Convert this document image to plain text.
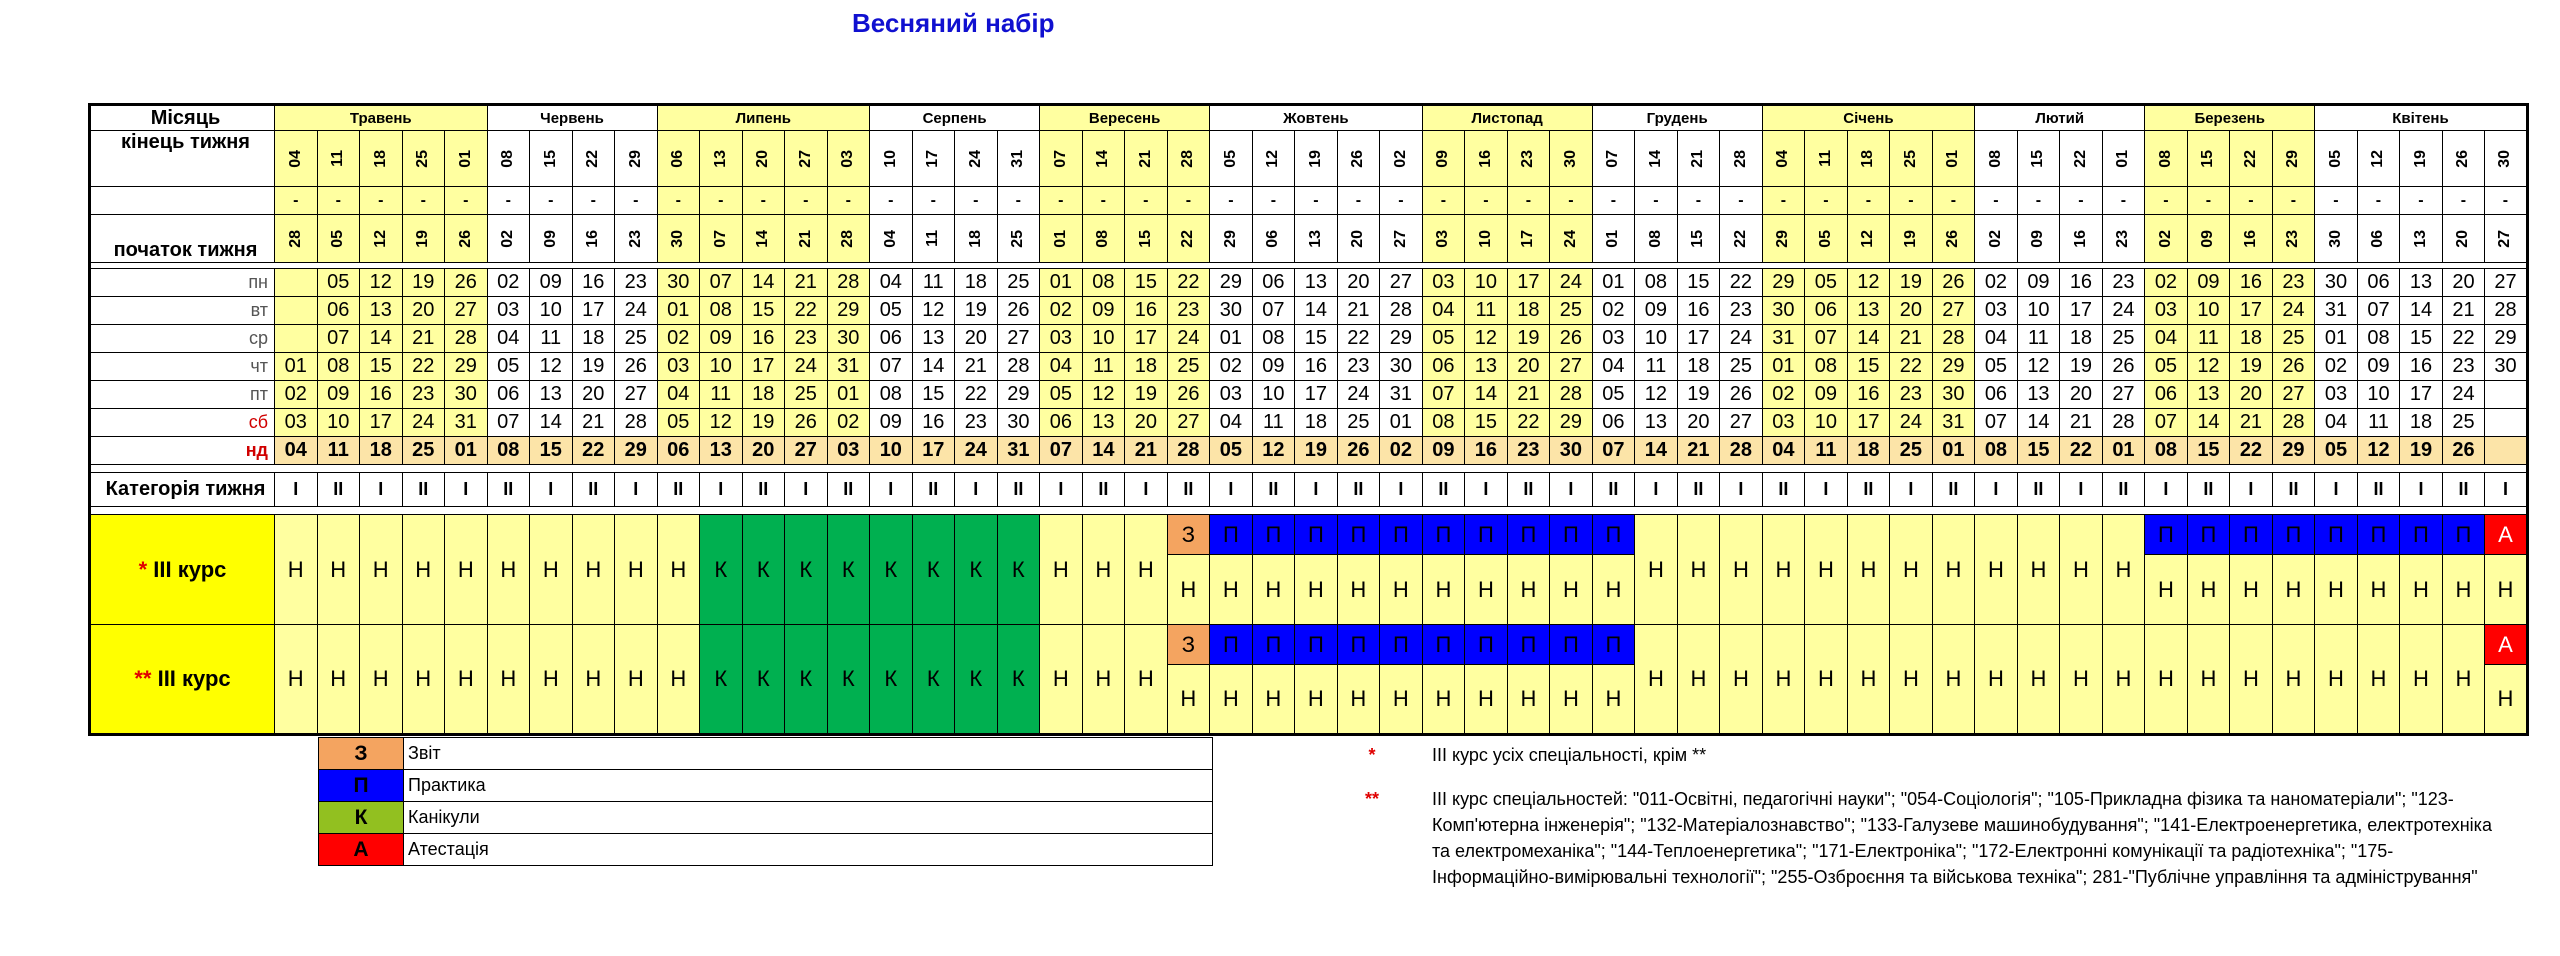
Весняний набір
Місяць	Травень					Червень				Липень					Серпень				Вересень				Жовтень					Листопад				Грудень				Січень					Лютий				Березень				Квітень				
кінець тижня	04	11	18	25	01	08	15	22	29	06	13	20	27	03	10	17	24	31	07	14	21	28	05	12	19	26	02	09	16	23	30	07	14	21	28	04	11	18	25	01	08	15	22	01	08	15	22	29	05	12	19	26	30

	-	-	-	-	-	-	-	-	-	-	-	-	-	-	-	-	-	-	-	-	-	-	-	-	-	-	-	-	-	-	-	-	-	-	-	-	-	-	-	-	-	-	-	-	-	-	-	-	-	-	-	-	-
початок тижня	28	05	12	19	26	02	09	16	23	30	07	14	21	28	04	11	18	25	01	08	15	22	29	06	13	20	27	03	10	17	24	01	08	15	22	29	05	12	19	26	02	09	16	23	02	09	16	23	30	06	13	20	27

пн		05	12	19	26	02	09	16	23	30	07	14	21	28	04	11	18	25	01	08	15	22	29	06	13	20	27	03	10	17	24	01	08	15	22	29	05	12	19	26	02	09	16	23	02	09	16	23	30	06	13	20	27
вт		06	13	20	27	03	10	17	24	01	08	15	22	29	05	12	19	26	02	09	16	23	30	07	14	21	28	04	11	18	25	02	09	16	23	30	06	13	20	27	03	10	17	24	03	10	17	24	31	07	14	21	28
ср		07	14	21	28	04	11	18	25	02	09	16	23	30	06	13	20	27	03	10	17	24	01	08	15	22	29	05	12	19	26	03	10	17	24	31	07	14	21	28	04	11	18	25	04	11	18	25	01	08	15	22	29
чт	01	08	15	22	29	05	12	19	26	03	10	17	24	31	07	14	21	28	04	11	18	25	02	09	16	23	30	06	13	20	27	04	11	18	25	01	08	15	22	29	05	12	19	26	05	12	19	26	02	09	16	23	30
пт	02	09	16	23	30	06	13	20	27	04	11	18	25	01	08	15	22	29	05	12	19	26	03	10	17	24	31	07	14	21	28	05	12	19	26	02	09	16	23	30	06	13	20	27	06	13	20	27	03	10	17	24	
сб	03	10	17	24	31	07	14	21	28	05	12	19	26	02	09	16	23	30	06	13	20	27	04	11	18	25	01	08	15	22	29	06	13	20	27	03	10	17	24	31	07	14	21	28	07	14	21	28	04	11	18	25	
нд	04	11	18	25	01	08	15	22	29	06	13	20	27	03	10	17	24	31	07	14	21	28	05	12	19	26	02	09	16	23	30	07	14	21	28	04	11	18	25	01	08	15	22	01	08	15	22	29	05	12	19	26	

Категорія тижня	I	II	I	II	I	II	I	II	I	II	I	II	I	II	I	II	I	II	I	II	I	II	I	II	I	II	I	II	I	II	I	II	I	II	I	II	I	II	I	II	I	II	I	II	I	II	I	II	I	II	I	II	I

* III курс	Н	Н	Н	Н	Н	Н	Н	Н	Н	Н	К	К	К	К	К	К	К	К	Н	Н	Н	З	П	П	П	П	П	П	П	П	П	П	Н	Н	Н	Н	Н	Н	Н	Н	Н	Н	Н	Н	П	П	П	П	П	П	П	П	А
																						Н	Н	Н	Н	Н	Н	Н	Н	Н	Н	Н													Н	Н	Н	Н	Н	Н	Н	Н	Н
** III курс	Н	Н	Н	Н	Н	Н	Н	Н	Н	Н	К	К	К	К	К	К	К	К	Н	Н	Н	З	П	П	П	П	П	П	П	П	П	П	Н	Н	Н	Н	Н	Н	Н	Н	Н	Н	Н	Н	Н	Н	Н	Н	Н	Н	Н	Н	А
																						Н	Н	Н	Н	Н	Н	Н	Н	Н	Н	Н																					Н
З	Звіт
П	Практика
К	Канікули
А	Атестація
*	III курс усіх спеціальності, крім **
**	III курс спеціальностей: "011-Освітні, педагогічні науки"; "054-Соціологія"; "105-Прикладна фізика та наноматеріали"; "123-Комп'ютерна інженерія"; "132-Матеріалознавство"; "133-Галузеве машинобудування"; "141-Електроенергетика, електротехніка та електромеханіка"; "144-Теплоенергетика"; "171-Електроніка"; "172-Електронні комунікації та радіотехніка"; "175-Інформаційно-вимірювальні технології"; "255-Озброєння та військова техніка"; 281-"Публічне управління та адміністрування"
